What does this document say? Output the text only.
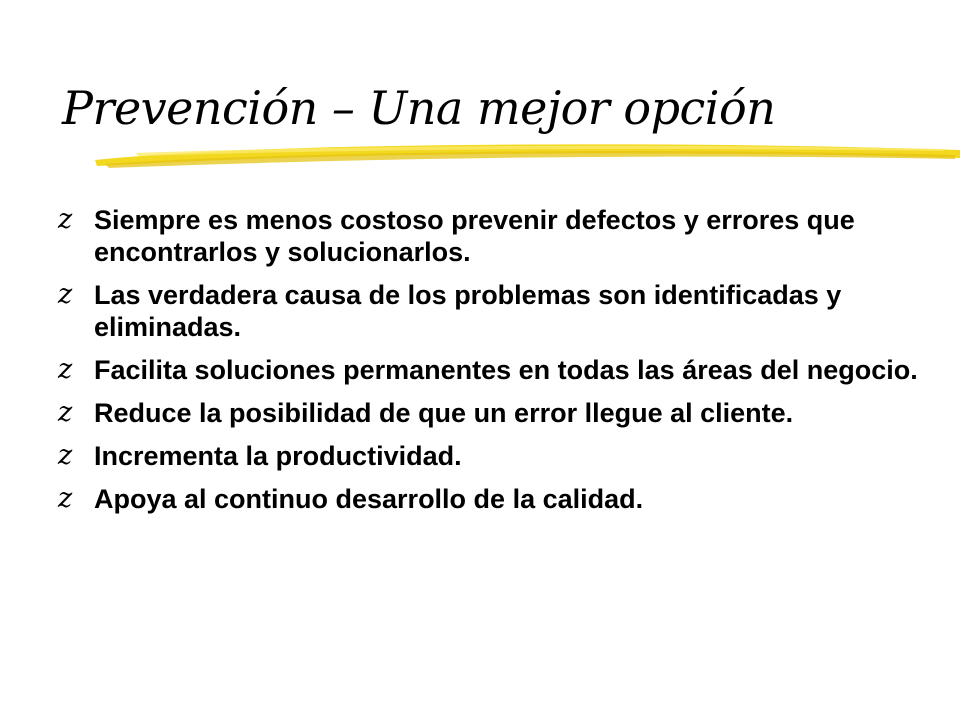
Prevención – Una mejor opción
z Siempre es menos costoso prevenir defectos y errores que encontrarlos y solucionarlos.
z Las verdadera causa de los problemas son identificadas y eliminadas.
z Facilita soluciones permanentes en todas las áreas del negocio.
z Reduce la posibilidad de que un error llegue al cliente.
z Incrementa la productividad.
z Apoya al continuo desarrollo de la calidad.
